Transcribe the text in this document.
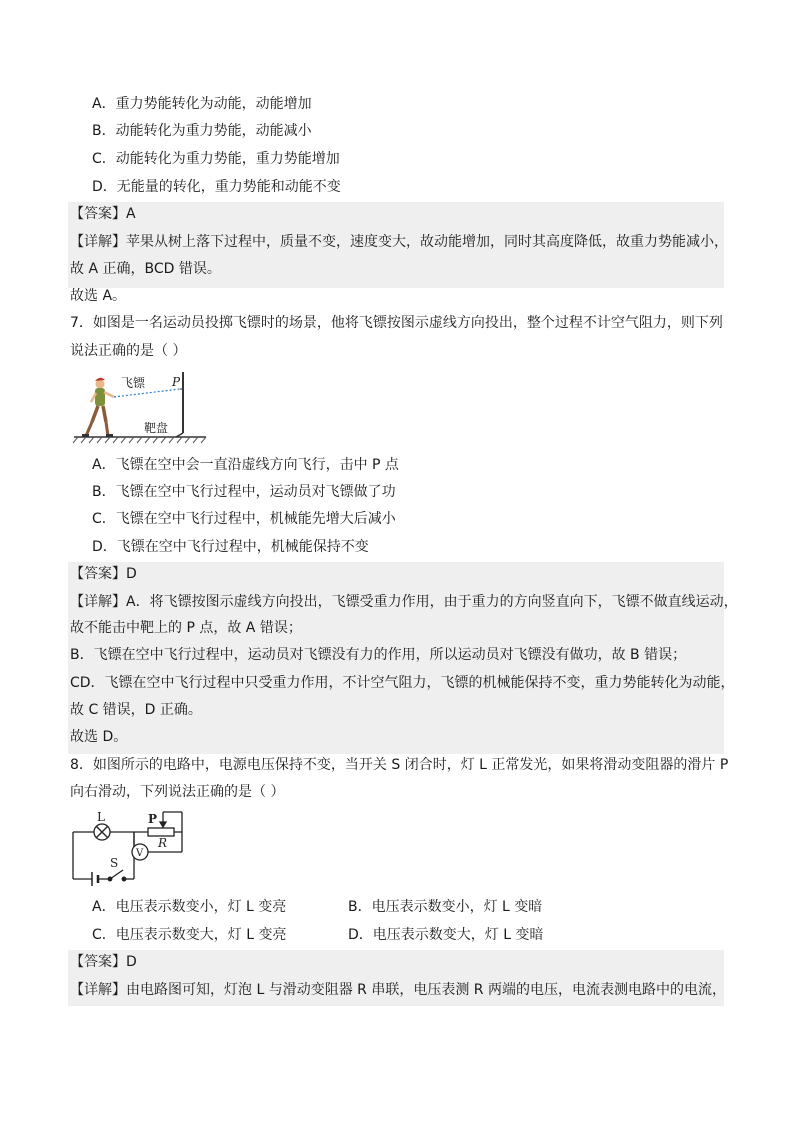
A．重力势能转化为动能，动能增加
B．动能转化为重力势能，动能减小
C．动能转化为重力势能，重力势能增加
D．无能量的转化，重力势能和动能不变
【答案】A
【详解】苹果从树上落下过程中，质量不变，速度变大，故动能增加，同时其高度降低，故重力势能减小，
故 A 正确，BCD 错误。
故选 A。
7．如图是一名运动员投掷飞镖时的场景，他将飞镖按图示虚线方向投出，整个过程不计空气阻力，则下列
说法正确的是（ ）
飞镖 P
靶盘
A．飞镖在空中会一直沿虚线方向飞行，击中 P 点
B．飞镖在空中飞行过程中，运动员对飞镖做了功
C．飞镖在空中飞行过程中，机械能先增大后减小
D．飞镖在空中飞行过程中，机械能保持不变
【答案】D
【详解】A．将飞镖按图示虚线方向投出，飞镖受重力作用，由于重力的方向竖直向下，飞镖不做直线运动，
故不能击中靶上的 P 点，故 A 错误；
B．飞镖在空中飞行过程中，运动员对飞镖没有力的作用，所以运动员对飞镖没有做功，故 B 错误；
CD．飞镖在空中飞行过程中只受重力作用，不计空气阻力，飞镖的机械能保持不变，重力势能转化为动能，
故 C 错误，D 正确。
故选 D。
8．如图所示的电路中，电源电压保持不变，当开关 S 闭合时，灯 L 正常发光，如果将滑动变阻器的滑片 P
向右滑动，下列说法正确的是（ ）
L	P
R
V
S
A．电压表示数变小，灯 L 变亮	B．电压表示数变小，灯 L 变暗
C．电压表示数变大，灯 L 变亮	D．电压表示数变大，灯 L 变暗
【答案】D
【详解】由电路图可知，灯泡 L 与滑动变阻器 R 串联，电压表测 R 两端的电压，电流表测电路中的电流，
